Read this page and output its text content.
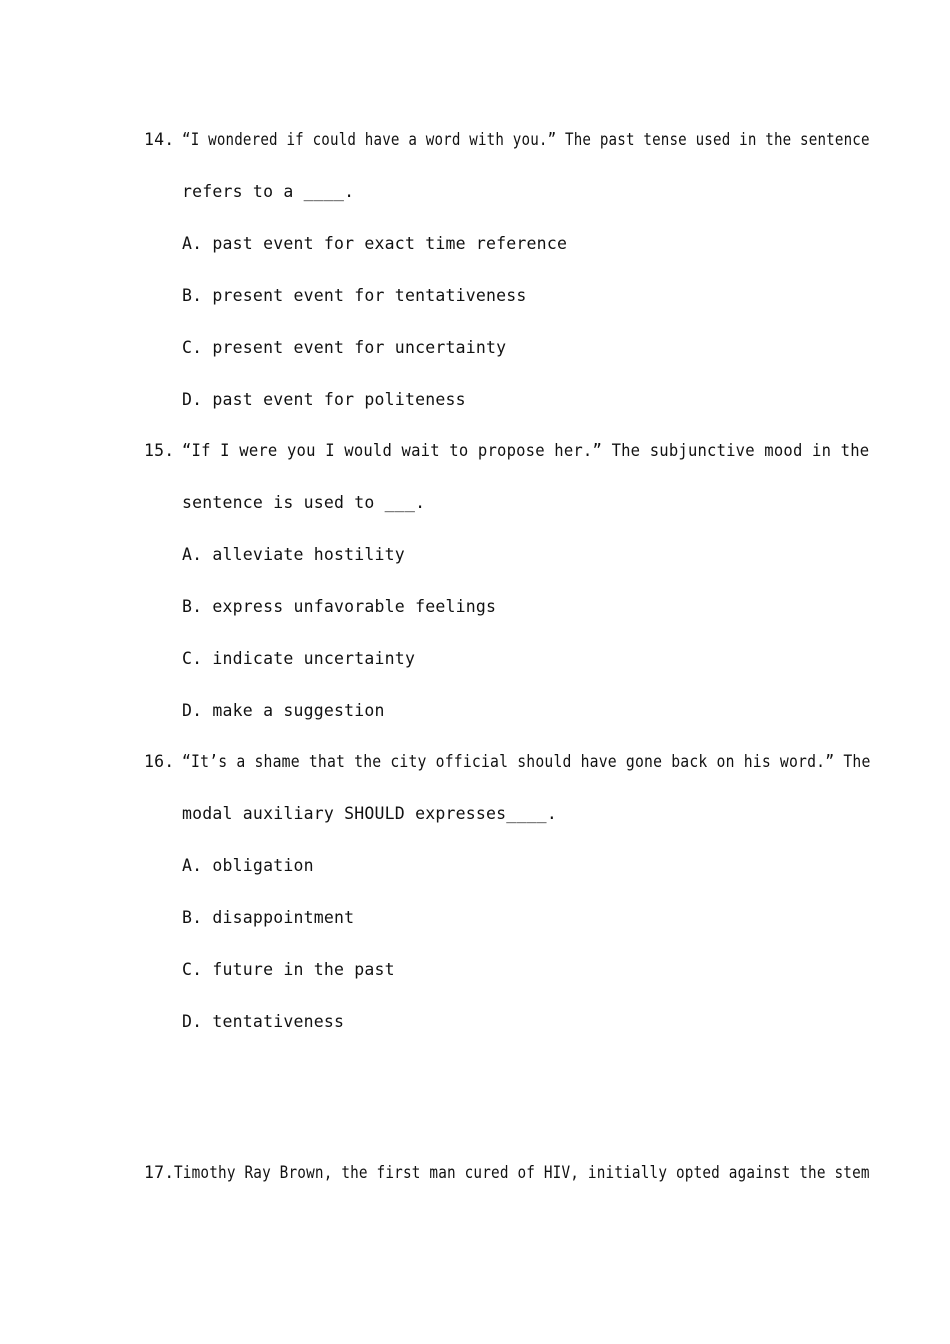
14. “I wondered if could have a word with you.” The past tense used in the sentence
refers to a ____.
A. past event for exact time reference
B. present event for tentativeness
C. present event for uncertainty
D. past event for politeness
15. “If I were you I would wait to propose her.” The subjunctive mood in the
sentence is used to ___.
A. alleviate hostility
B. express unfavorable feelings
C. indicate uncertainty
D. make a suggestion
16. “It’s a shame that the city official should have gone back on his word.” The
modal auxiliary SHOULD expresses____.
A. obligation
B. disappointment
C. future in the past
D. tentativeness
17. Timothy Ray Brown, the first man cured of HIV, initially opted against the stem
